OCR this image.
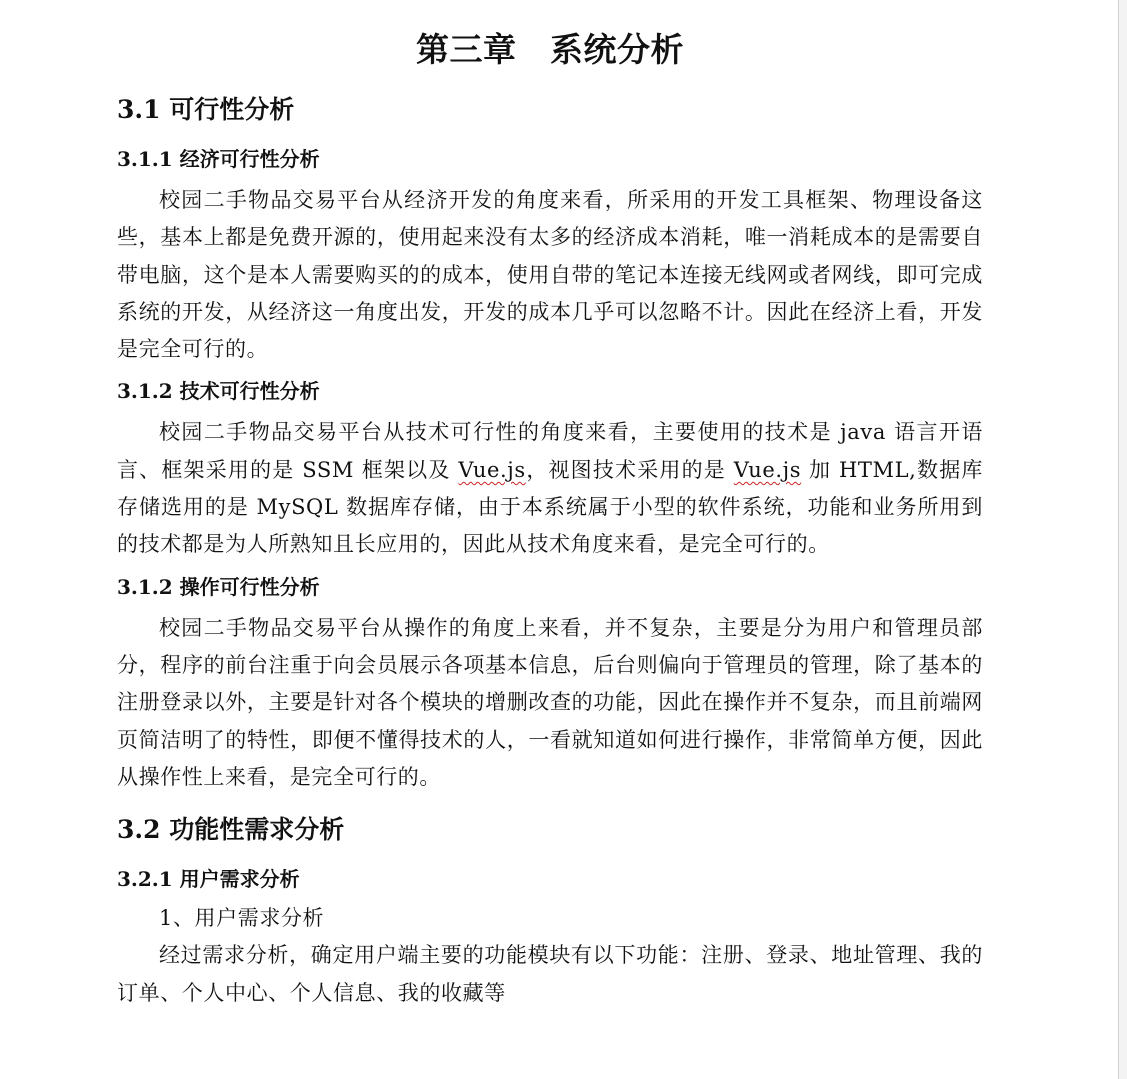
第三章　系统分析
3.1 可行性分析
3.1.1 经济可行性分析

校园二手物品交易平台从经济开发的角度来看，所采用的开发工具框架、物理设备这些，基本上都是免费开源的，使用起来没有太多的经济成本消耗，唯一消耗成本的是需要自带电脑，这个是本人需要购买的的成本，使用自带的笔记本连接无线网或者网线，即可完成系统的开发，从经济这一角度出发，开发的成本几乎可以忽略不计。因此在经济上看，开发是完全可行的。

3.1.2 技术可行性分析

校园二手物品交易平台从技术可行性的角度来看，主要使用的技术是 java 语言开语言、框架采用的是 SSM 框架以及 Vue.js，视图技术采用的是 Vue.js 加 HTML,数据库存储选用的是 MySQL 数据库存储，由于本系统属于小型的软件系统，功能和业务所用到的技术都是为人所熟知且长应用的，因此从技术角度来看，是完全可行的。

3.1.2 操作可行性分析

校园二手物品交易平台从操作的角度上来看，并不复杂，主要是分为用户和管理员部分，程序的前台注重于向会员展示各项基本信息，后台则偏向于管理员的管理，除了基本的注册登录以外，主要是针对各个模块的增删改查的功能，因此在操作并不复杂，而且前端网页简洁明了的特性，即便不懂得技术的人，一看就知道如何进行操作，非常简单方便，因此从操作性上来看，是完全可行的。

3.2 功能性需求分析
3.2.1 用户需求分析

1、用户需求分析

经过需求分析，确定用户端主要的功能模块有以下功能：注册、登录、地址管理、我的订单、个人中心、个人信息、我的收藏等
